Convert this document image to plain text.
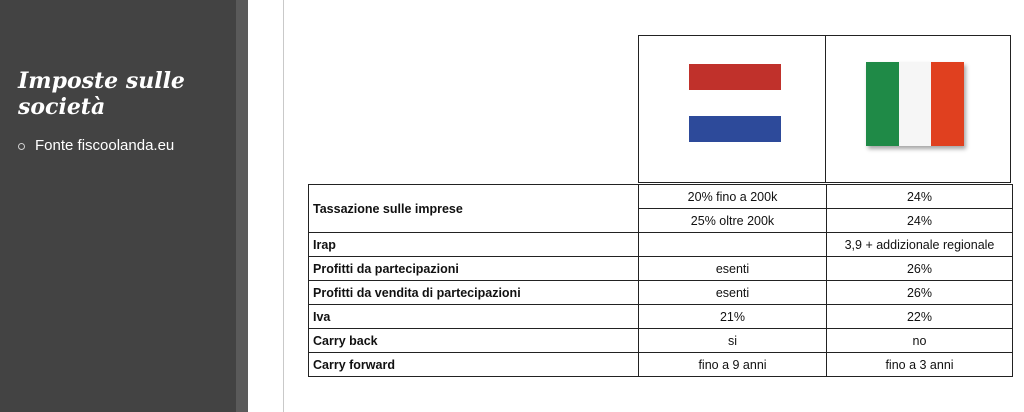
Imposte sulle società
Fonte fiscoolanda.eu
Tassazione sulle imprese	20% fino a 200k	24%
	25% oltre 200k	24%
Irap		3,9 + addizionale regionale
Profitti da partecipazioni	esenti	26%
Profitti da vendita di partecipazioni	esenti	26%
Iva	21%	22%
Carry back	si	no
Carry forward	fino a 9 anni	fino a 3 anni
